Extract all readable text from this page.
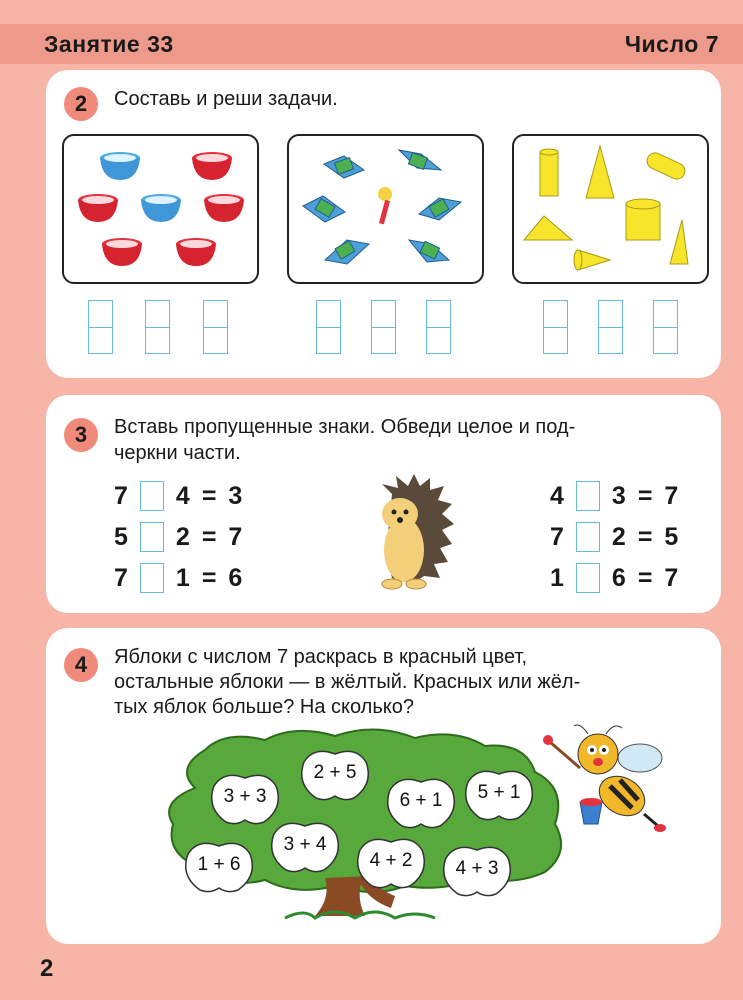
Занятие 33	Число 7
2	Составь и реши задачи.
3	Вставь пропущенные знаки. Обведи целое и под-
черкни части.
7 4 = 3
5 2 = 7
7 1 = 6
4 3 = 7
7 2 = 5
1 6 = 7
4	Яблоки с числом 7 раскрась в красный цвет,
остальные яблоки — в жёлтый. Красных или жёл-
тых яблок больше? На сколько?
3 + 3
2 + 5
6 + 1	5 + 1
3 + 4
1 + 6	4 + 2	4 + 3
2
